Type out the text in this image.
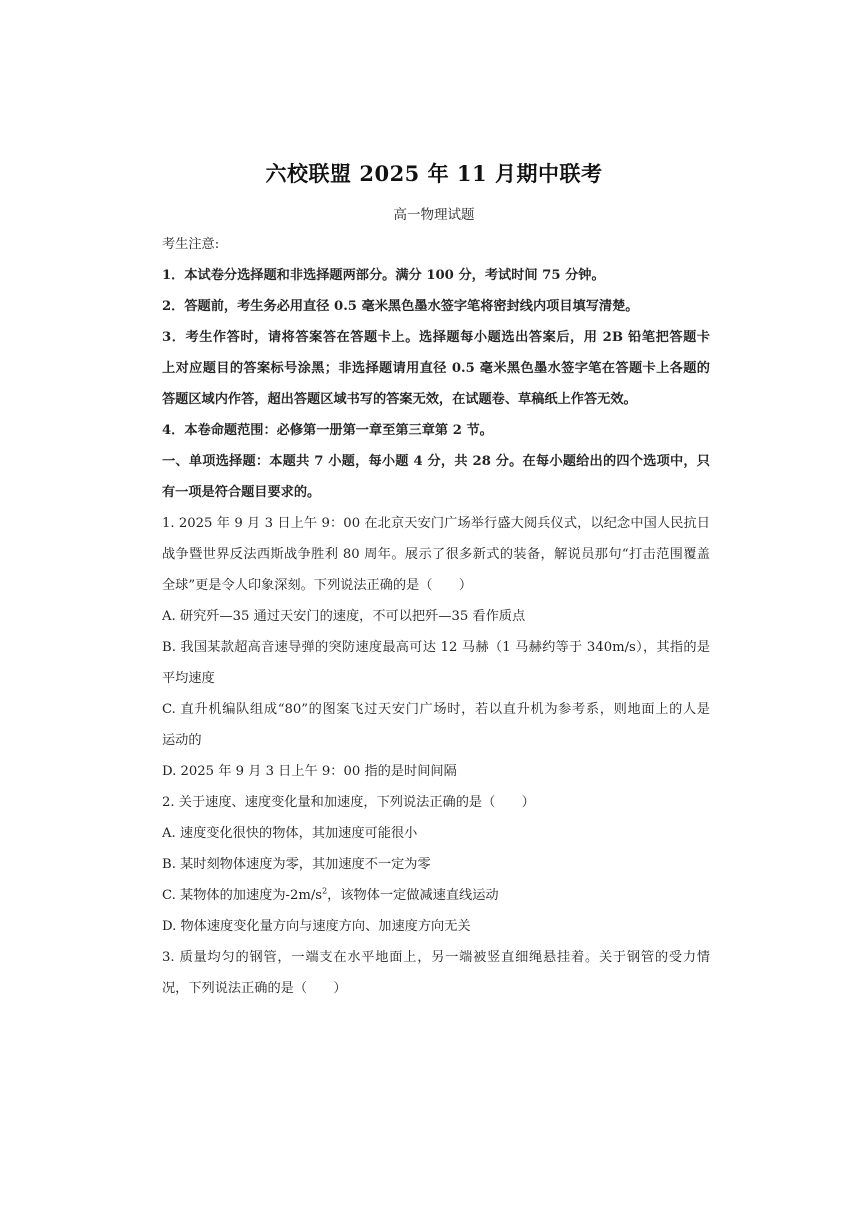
六校联盟 2025 年 11 月期中联考
高一物理试题
考生注意:
1．本试卷分选择题和非选择题两部分。满分 100 分，考试时间 75 分钟。
2．答题前，考生务必用直径 0.5 毫米黑色墨水签字笔将密封线内项目填写清楚。
3．考生作答时，请将答案答在答题卡上。选择题每小题选出答案后，用 2B 铅笔把答题卡
上对应题目的答案标号涂黑；非选择题请用直径 0.5 毫米黑色墨水签字笔在答题卡上各题的
答题区域内作答，超出答题区域书写的答案无效，在试题卷、草稿纸上作答无效。
4．本卷命题范围：必修第一册第一章至第三章第 2 节。
一、单项选择题：本题共 7 小题，每小题 4 分，共 28 分。在每小题给出的四个选项中，只
有一项是符合题目要求的。
1. 2025 年 9 月 3 日上午 9：00 在北京天安门广场举行盛大阅兵仪式，以纪念中国人民抗日
战争暨世界反法西斯战争胜利 80 周年。展示了很多新式的装备，解说员那句“打击范围覆盖
全球”更是令人印象深刻。下列说法正确的是（　　）
A. 研究歼—35 通过天安门的速度，不可以把歼—35 看作质点
B. 我国某款超高音速导弹的突防速度最高可达 12 马赫（1 马赫约等于 340m/s），其指的是
平均速度
C. 直升机编队组成“80”的图案飞过天安门广场时，若以直升机为参考系，则地面上的人是
运动的
D. 2025 年 9 月 3 日上午 9：00 指的是时间间隔
2. 关于速度、速度变化量和加速度，下列说法正确的是（　　）
A. 速度变化很快的物体，其加速度可能很小
B. 某时刻物体速度为零，其加速度不一定为零
C. 某物体的加速度为$-2m/s^2$，该物体一定做减速直线运动
D. 物体速度变化量方向与速度方向、加速度方向无关
3. 质量均匀的钢管，一端支在水平地面上，另一端被竖直细绳悬挂着。关于钢管的受力情
况，下列说法正确的是（　　）
